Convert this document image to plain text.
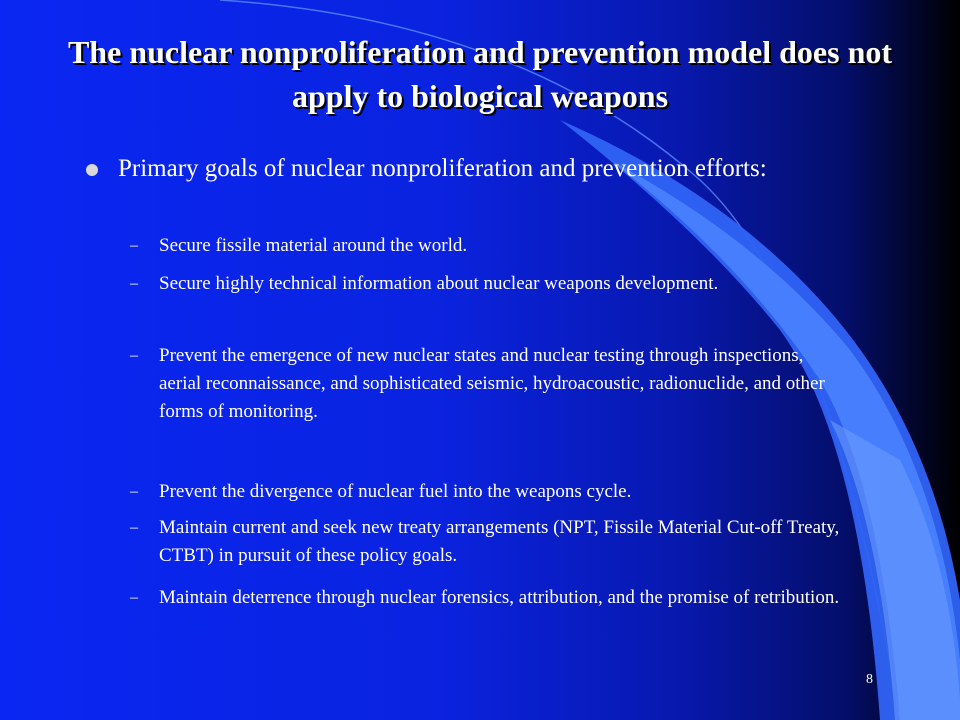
The nuclear nonproliferation and prevention model does not apply to biological weapons
Primary goals of nuclear nonproliferation and prevention efforts:
– Secure fissile material around the world.
– Secure highly technical information about nuclear weapons development.
– Prevent the emergence of new nuclear states and nuclear testing through inspections, aerial reconnaissance, and sophisticated seismic, hydroacoustic, radionuclide, and other forms of monitoring.
– Prevent the divergence of nuclear fuel into the weapons cycle.
– Maintain current and seek new treaty arrangements (NPT, Fissile Material Cut-off Treaty, CTBT) in pursuit of these policy goals.
– Maintain deterrence through nuclear forensics, attribution, and the promise of retribution.
8
